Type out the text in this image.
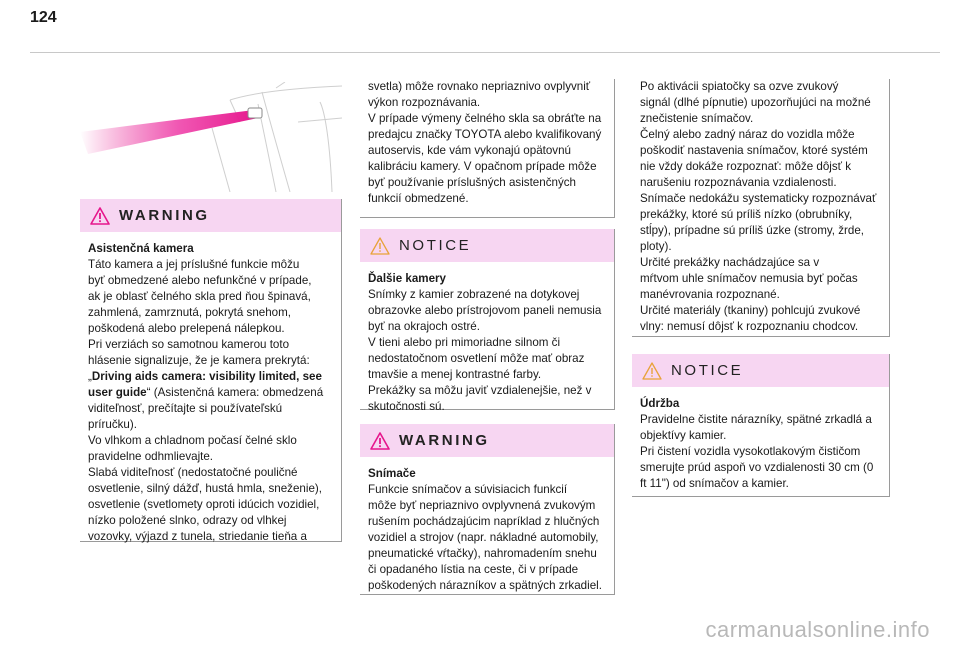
124
WARNING
Asistenčná kamera
Táto kamera a jej príslušné funkcie môžu
byť obmedzené alebo nefunkčné v prípade,
ak je oblasť čelného skla pred ňou špinavá,
zahmlená, zamrznutá, pokrytá snehom,
poškodená alebo prelepená nálepkou.
Pri verziách so samotnou kamerou toto
hlásenie signalizuje, že je kamera prekrytá:
„Driving aids camera: visibility limited, see
user guide“ (Asistenčná kamera: obmedzená
viditeľnosť, prečítajte si používateľskú
príručku).
Vo vlhkom a chladnom počasí čelné sklo
pravidelne odhmlievajte.
Slabá viditeľnosť (nedostatočné pouličné
osvetlenie, silný dážď, hustá hmla, sneženie),
osvetlenie (svetlomety oproti idúcich vozidiel,
nízko položené slnko, odrazy od vlhkej
vozovky, výjazd z tunela, striedanie tieňa a
svetla) môže rovnako nepriaznivo ovplyvniť
výkon rozpoznávania.
V prípade výmeny čelného skla sa obráťte na
predajcu značky TOYOTA alebo kvalifikovaný
autoservis, kde vám vykonajú opätovnú
kalibráciu kamery. V opačnom prípade môže
byť používanie príslušných asistenčných
funkcií obmedzené.
NOTICE
Ďalšie kamery
Snímky z kamier zobrazené na dotykovej
obrazovke alebo prístrojovom paneli nemusia
byť na okrajoch ostré.
V tieni alebo pri mimoriadne silnom či
nedostatočnom osvetlení môže mať obraz
tmavšie a menej kontrastné farby.
Prekážky sa môžu javiť vzdialenejšie, než v
skutočnosti sú.
WARNING
Snímače
Funkcie snímačov a súvisiacich funkcií
môže byť nepriaznivo ovplyvnená zvukovým
rušením pochádzajúcim napríklad z hlučných
vozidiel a strojov (napr. nákladné automobily,
pneumatické vŕtačky), nahromadením snehu
či opadaného lístia na ceste, či v prípade
poškodených nárazníkov a spätných zrkadiel.
Po aktivácii spiatočky sa ozve zvukový
signál (dlhé pípnutie) upozorňujúci na možné
znečistenie snímačov.
Čelný alebo zadný náraz do vozidla môže
poškodiť nastavenia snímačov, ktoré systém
nie vždy dokáže rozpoznať: môže dôjsť k
narušeniu rozpoznávania vzdialenosti.
Snímače nedokážu systematicky rozpoznávať
prekážky, ktoré sú príliš nízko (obrubníky,
stĺpy), prípadne sú príliš úzke (stromy, žrde,
ploty).
Určité prekážky nachádzajúce sa v
mŕtvom uhle snímačov nemusia byť počas
manévrovania rozpoznané.
Určité materiály (tkaniny) pohlcujú zvukové
vlny: nemusí dôjsť k rozpoznaniu chodcov.
NOTICE
Údržba
Pravidelne čistite nárazníky, spätné zrkadlá a
objektívy kamier.
Pri čistení vozidla vysokotlakovým čističom
smerujte prúd aspoň vo vzdialenosti 30 cm (0
ft 11") od snímačov a kamier.
carmanualsonline.info
